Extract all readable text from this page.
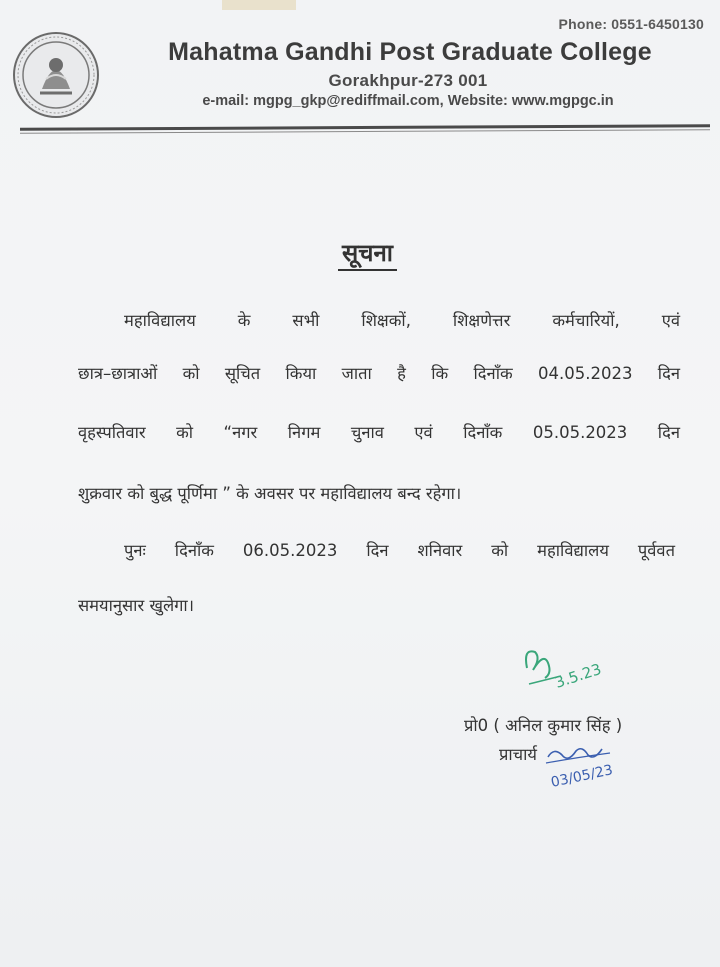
Phone: 0551-6450130
Mahatma Gandhi Post Graduate College
Gorakhpur-273 001
e-mail: mgpg_gkp@rediffmail.com, Website: www.mgpgc.in
सूचना
महाविद्यालय के सभी शिक्षकों, शिक्षणेत्तर कर्मचारियों, एवं
छात्र–छात्राओं को सूचित किया जाता है कि दिनाँक 04.05.2023 दिन
वृहस्पतिवार को “नगर निगम चुनाव एवं दिनाँक 05.05.2023 दिन
शुक्रवार को बुद्ध पूर्णिमा ” के अवसर पर महाविद्यालय बन्द रहेगा।
पुनः दिनाँक 06.05.2023 दिन शनिवार को महाविद्यालय पूर्ववत
समयानुसार खुलेगा।
3.5.23
प्रो0 ( अनिल कुमार सिंह )
प्राचार्य
03/05/23
